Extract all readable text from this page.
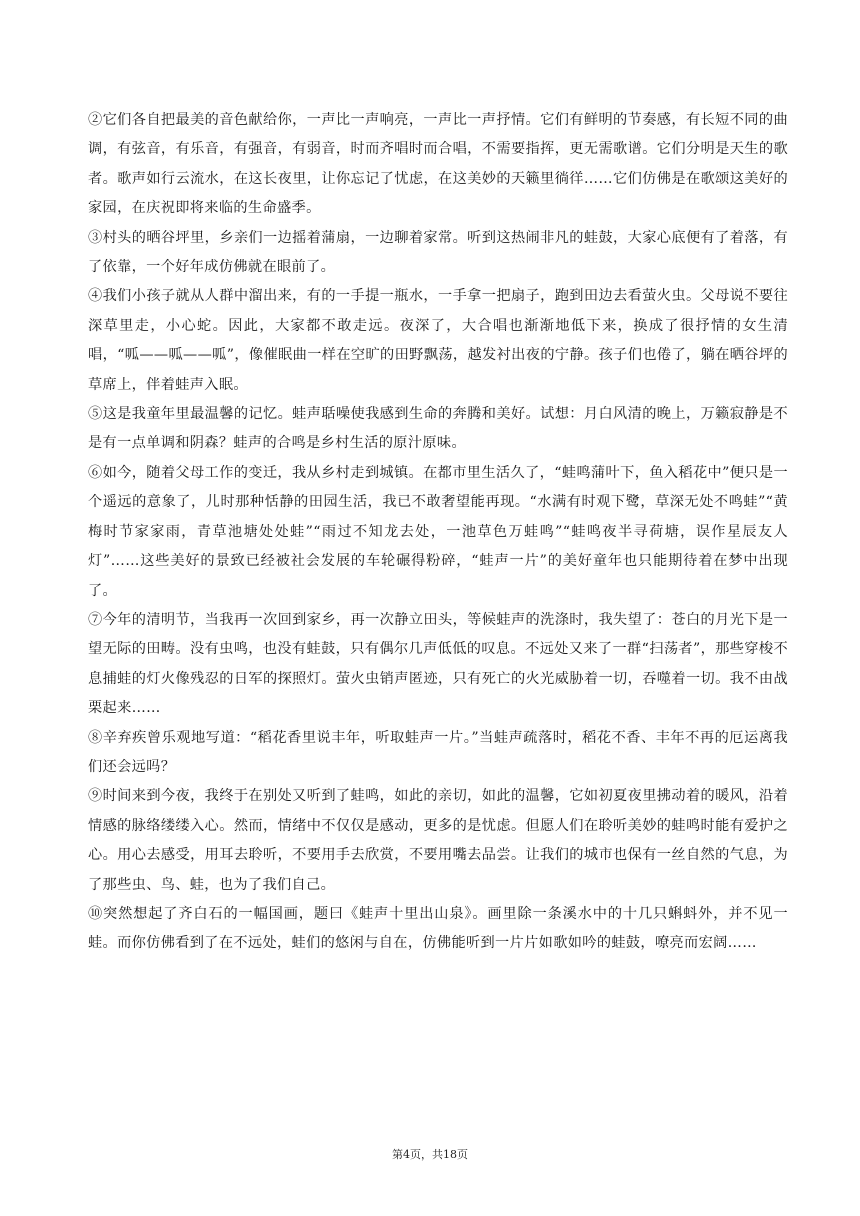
②它们各自把最美的音色献给你，一声比一声响亮，一声比一声抒情。它们有鲜明的节奏感，有长短不同的曲调，有弦音，有乐音，有强音，有弱音，时而齐唱时而合唱，不需要指挥，更无需歌谱。它们分明是天生的歌者。歌声如行云流水，在这长夜里，让你忘记了忧虑，在这美妙的天籁里徜徉……它们仿佛是在歌颂这美好的家园，在庆祝即将来临的生命盛季。

③村头的晒谷坪里，乡亲们一边摇着蒲扇，一边聊着家常。听到这热闹非凡的蛙鼓，大家心底便有了着落，有了依靠，一个好年成仿佛就在眼前了。

④我们小孩子就从人群中溜出来，有的一手提一瓶水，一手拿一把扇子，跑到田边去看萤火虫。父母说不要往深草里走，小心蛇。因此，大家都不敢走远。夜深了，大合唱也渐渐地低下来，换成了很抒情的女生清唱，“呱——呱——呱”，像催眠曲一样在空旷的田野飘荡，越发衬出夜的宁静。孩子们也倦了，躺在晒谷坪的草席上，伴着蛙声入眠。

⑤这是我童年里最温馨的记忆。蛙声聒噪使我感到生命的奔腾和美好。试想：月白风清的晚上，万籁寂静是不是有一点单调和阴森？蛙声的合鸣是乡村生活的原汁原味。

⑥如今，随着父母工作的变迁，我从乡村走到城镇。在都市里生活久了，“蛙鸣蒲叶下，鱼入稻花中”便只是一个遥远的意象了，儿时那种恬静的田园生活，我已不敢奢望能再现。“水满有时观下鹭，草深无处不鸣蛙”“黄梅时节家家雨，青草池塘处处蛙”“雨过不知龙去处，一池草色万蛙鸣”“蛙鸣夜半寻荷塘，误作星辰友人灯”……这些美好的景致已经被社会发展的车轮碾得粉碎，“蛙声一片”的美好童年也只能期待着在梦中出现了。

⑦今年的清明节，当我再一次回到家乡，再一次静立田头，等候蛙声的洗涤时，我失望了：苍白的月光下是一望无际的田畴。没有虫鸣，也没有蛙鼓，只有偶尔几声低低的叹息。不远处又来了一群“扫荡者”，那些穿梭不息捕蛙的灯火像残忍的日军的探照灯。萤火虫销声匿迹，只有死亡的火光威胁着一切，吞噬着一切。我不由战栗起来……

⑧辛弃疾曾乐观地写道：“稻花香里说丰年，听取蛙声一片。”当蛙声疏落时，稻花不香、丰年不再的厄运离我们还会远吗？

⑨时间来到今夜，我终于在别处又听到了蛙鸣，如此的亲切，如此的温馨，它如初夏夜里拂动着的暖风，沿着情感的脉络缕缕入心。然而，情绪中不仅仅是感动，更多的是忧虑。但愿人们在聆听美妙的蛙鸣时能有爱护之心。用心去感受，用耳去聆听，不要用手去欣赏，不要用嘴去品尝。让我们的城市也保有一丝自然的气息，为了那些虫、鸟、蛙，也为了我们自己。

⑩突然想起了齐白石的一幅国画，题曰《蛙声十里出山泉》。画里除一条溪水中的十几只蝌蚪外，并不见一蛙。而你仿佛看到了在不远处，蛙们的悠闲与自在，仿佛能听到一片片如歌如吟的蛙鼓，嘹亮而宏阔……

第4页，共18页
